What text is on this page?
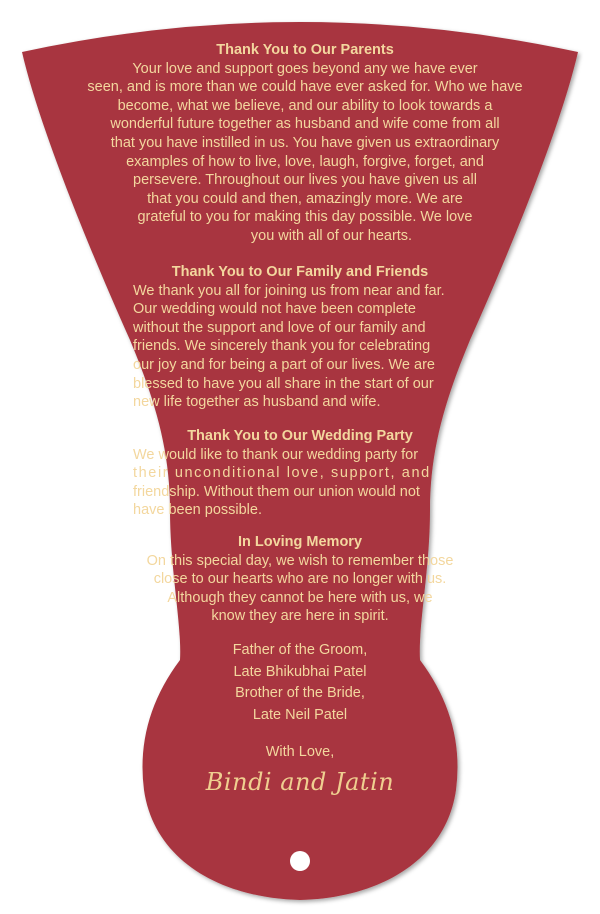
Thank You to Our Parents

Your love and support goes beyond any we have ever
seen, and is more than we could have ever asked for. Who we have
become, what we believe, and our ability to look towards a
wonderful future together as husband and wife come from all
that you have instilled in us. You have given us extraordinary
examples of how to live, love, laugh, forgive, forget, and
persevere. Throughout our lives you have given us all
that you could and then, amazingly more. We are
grateful to you for making this day possible. We love
you with all of our hearts.

Thank You to Our Family and Friends

We thank you all for joining us from near and far.
Our wedding would not have been complete
without the support and love of our family and
friends. We sincerely thank you for celebrating
our joy and for being a part of our lives. We are
blessed to have you all share in the start of our
new life together as husband and wife.

Thank You to Our Wedding Party

We would like to thank our wedding party for
their unconditional love, support, and
friendship. Without them our union would not
have been possible.

In Loving Memory

On this special day, we wish to remember those
close to our hearts who are no longer with us.
Although they cannot be here with us, we
know they are here in spirit.
Father of the Groom,
Late Bhikubhai Patel
Brother of the Bride,
Late Neil Patel
With Love,
Bindi and Jatin
